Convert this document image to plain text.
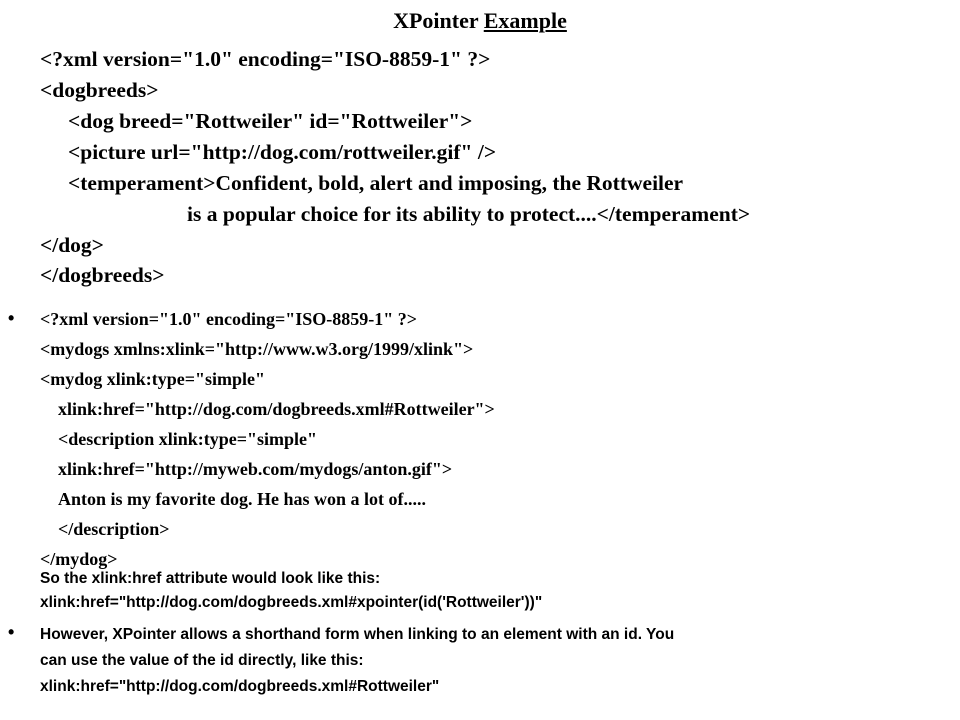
XPointer Example
<?xml version="1.0" encoding="ISO-8859-1" ?>
<dogbreeds>
<dog breed="Rottweiler" id="Rottweiler">
<picture url="http://dog.com/rottweiler.gif" />
<temperament>Confident, bold, alert and imposing, the Rottweiler
is a popular choice for its ability to protect....</temperament>
</dog>
</dogbreeds>
• <?xml version="1.0" encoding="ISO-8859-1" ?>
<mydogs xmlns:xlink="http://www.w3.org/1999/xlink">
<mydog xlink:type="simple"
xlink:href="http://dog.com/dogbreeds.xml#Rottweiler">
<description xlink:type="simple"
xlink:href="http://myweb.com/mydogs/anton.gif">
Anton is my favorite dog. He has won a lot of.....
</description>
</mydog>
So the xlink:href attribute would look like this:
xlink:href="http://dog.com/dogbreeds.xml#xpointer(id('Rottweiler'))"
• However, XPointer allows a shorthand form when linking to an element with an id. You
can use the value of the id directly, like this:
xlink:href="http://dog.com/dogbreeds.xml#Rottweiler"
